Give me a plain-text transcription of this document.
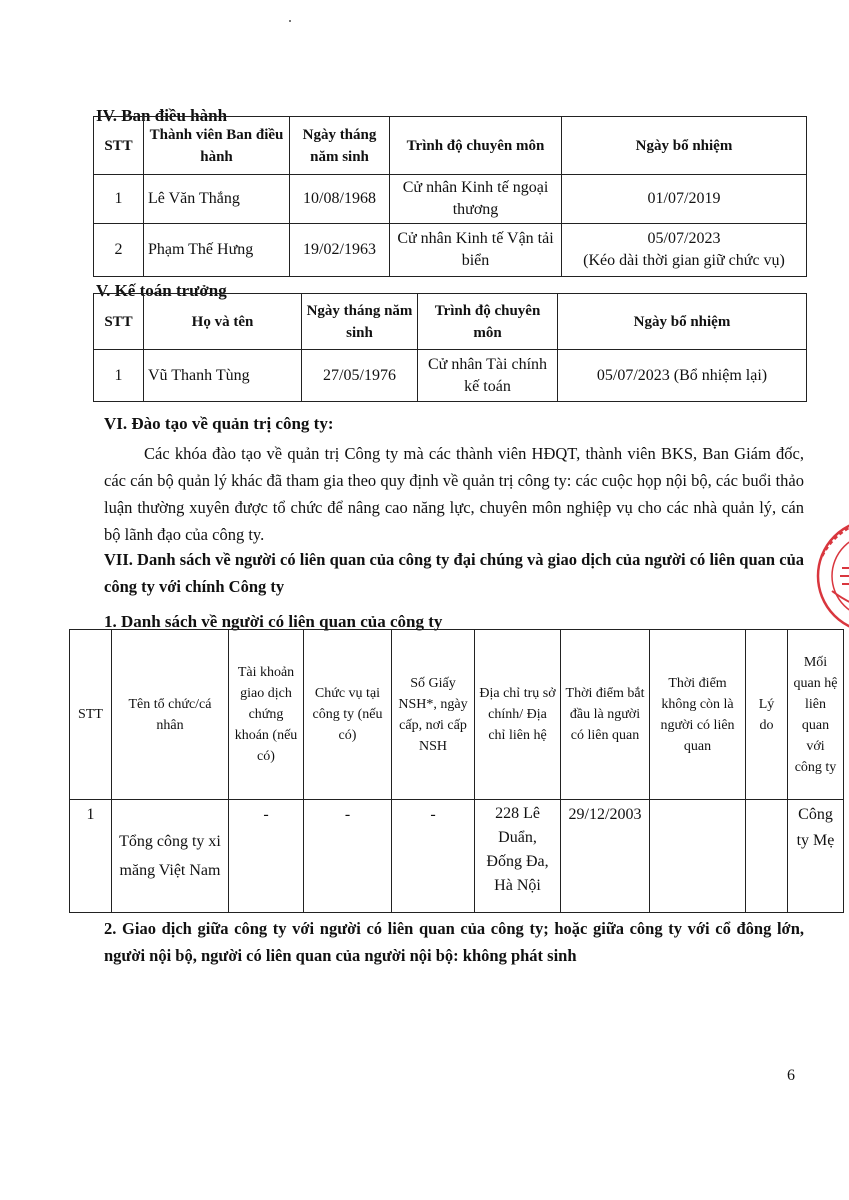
IV. Ban điều hành
STT	Thành viên Ban điều hành	Ngày tháng năm sinh	Trình độ chuyên môn	Ngày bổ nhiệm
1	Lê Văn Thắng	10/08/1968	Cử nhân Kinh tế ngoại thương	01/07/2019
2	Phạm Thế Hưng	19/02/1963	Cử nhân Kinh tế Vận tải biển	05/07/2023
(Kéo dài thời gian giữ chức vụ)
V. Kế toán trưởng
STT	Họ và tên	Ngày tháng năm sinh	Trình độ chuyên môn	Ngày bổ nhiệm
1	Vũ Thanh Tùng	27/05/1976	Cử nhân Tài chính kế toán	05/07/2023 (Bổ nhiệm lại)
VI. Đào tạo về quản trị công ty:
Các khóa đào tạo về quản trị Công ty mà các thành viên HĐQT, thành viên BKS, Ban Giám đốc, các cán bộ quản lý khác đã tham gia theo quy định về quản trị công ty: các cuộc họp nội bộ, các buổi thảo luận thường xuyên được tổ chức để nâng cao năng lực, chuyên môn nghiệp vụ cho các nhà quản lý, cán bộ lãnh đạo của công ty.
VII. Danh sách về người có liên quan của công ty đại chúng và giao dịch của người có liên quan của công ty với chính Công ty
1. Danh sách về người có liên quan của công ty
STT	Tên tổ chức/cá nhân	Tài khoản giao dịch chứng khoán (nếu có)	Chức vụ tại công ty (nếu có)	Số Giấy NSH*, ngày cấp, nơi cấp NSH	Địa chỉ trụ sở chính/ Địa chỉ liên hệ	Thời điểm bắt đầu là người có liên quan	Thời điểm không còn là người có liên quan	Lý do	Mối quan hệ liên quan với công ty
1	Tổng công ty xi măng Việt Nam	-	-	-	228 Lê Duẩn, Đống Đa, Hà Nội	29/12/2003			Công ty Mẹ
2. Giao dịch giữa công ty với người có liên quan của công ty; hoặc giữa công ty với cổ đông lớn, người nội bộ, người có liên quan của người nội bộ: không phát sinh
6
